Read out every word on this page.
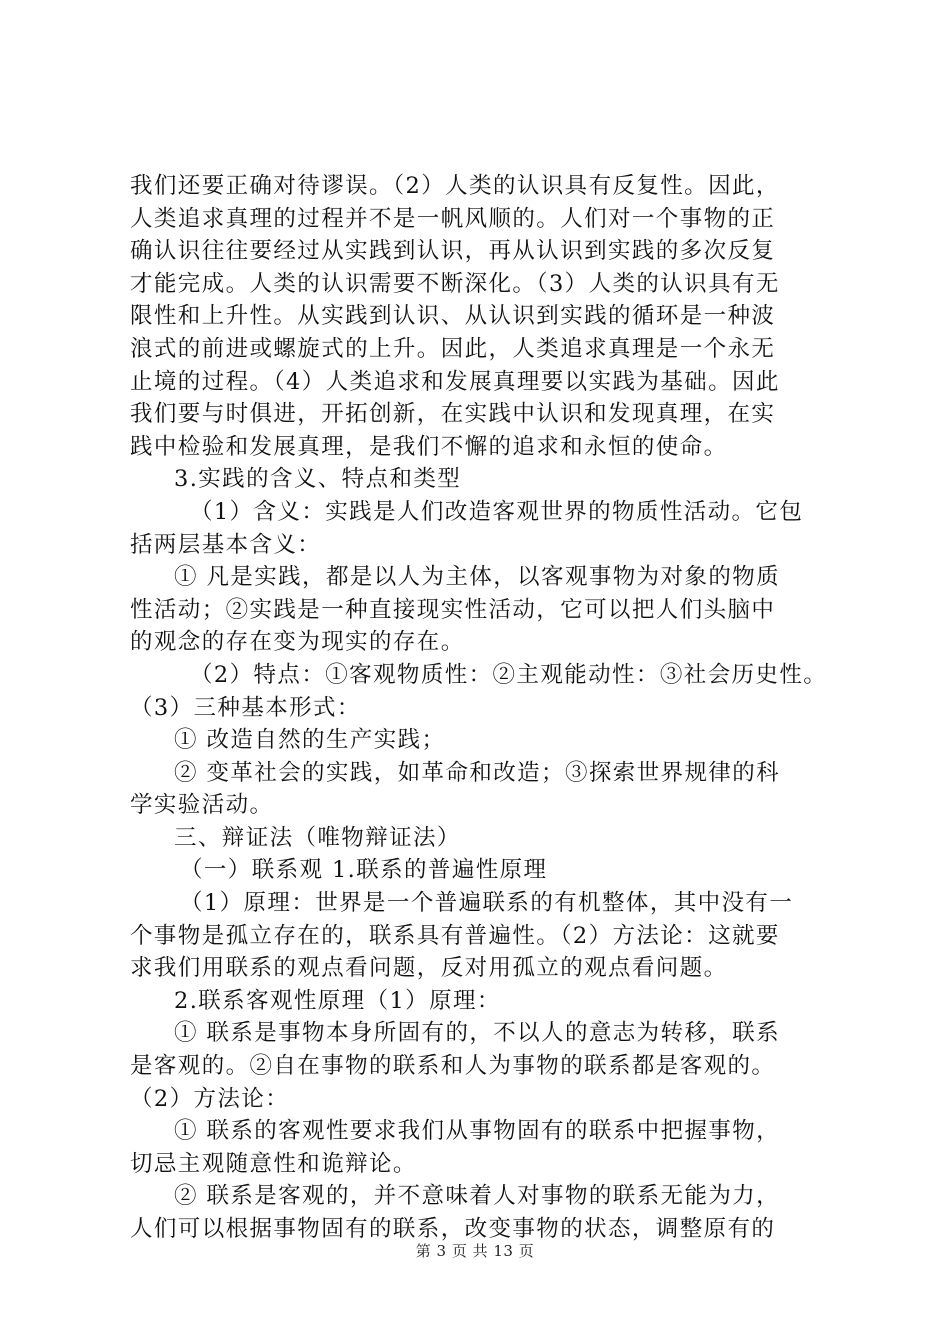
我们还要正确对待谬误。（2）人类的认识具有反复性。因此，
人类追求真理的过程并不是一帆风顺的。人们对一个事物的正
确认识往往要经过从实践到认识，再从认识到实践的多次反复
才能完成。人类的认识需要不断深化。（3）人类的认识具有无
限性和上升性。从实践到认识、从认识到实践的循环是一种波
浪式的前进或螺旋式的上升。因此，人类追求真理是一个永无
止境的过程。（4）人类追求和发展真理要以实践为基础。因此
我们要与时俱进，开拓创新，在实践中认识和发现真理，在实
践中检验和发展真理，是我们不懈的追求和永恒的使命。
3.实践的含义、特点和类型
（1）含义：实践是人们改造客观世界的物质性活动。它包
括两层基本含义：
① 凡是实践，都是以人为主体，以客观事物为对象的物质
性活动；②实践是一种直接现实性活动，它可以把人们头脑中
的观念的存在变为现实的存在。
（2）特点：①客观物质性：②主观能动性：③社会历史性。
（3）三种基本形式：
① 改造自然的生产实践；
② 变革社会的实践，如革命和改造；③探索世界规律的科
学实验活动。
三、辩证法（唯物辩证法）
（一）联系观 1.联系的普遍性原理
（1）原理：世界是一个普遍联系的有机整体，其中没有一
个事物是孤立存在的，联系具有普遍性。（2）方法论：这就要
求我们用联系的观点看问题，反对用孤立的观点看问题。
2.联系客观性原理（1）原理：
① 联系是事物本身所固有的，不以人的意志为转移，联系
是客观的。②自在事物的联系和人为事物的联系都是客观的。
（2）方法论：
① 联系的客观性要求我们从事物固有的联系中把握事物，
切忌主观随意性和诡辩论。
② 联系是客观的，并不意味着人对事物的联系无能为力，
人们可以根据事物固有的联系，改变事物的状态，调整原有的
第 3 页 共 13 页
